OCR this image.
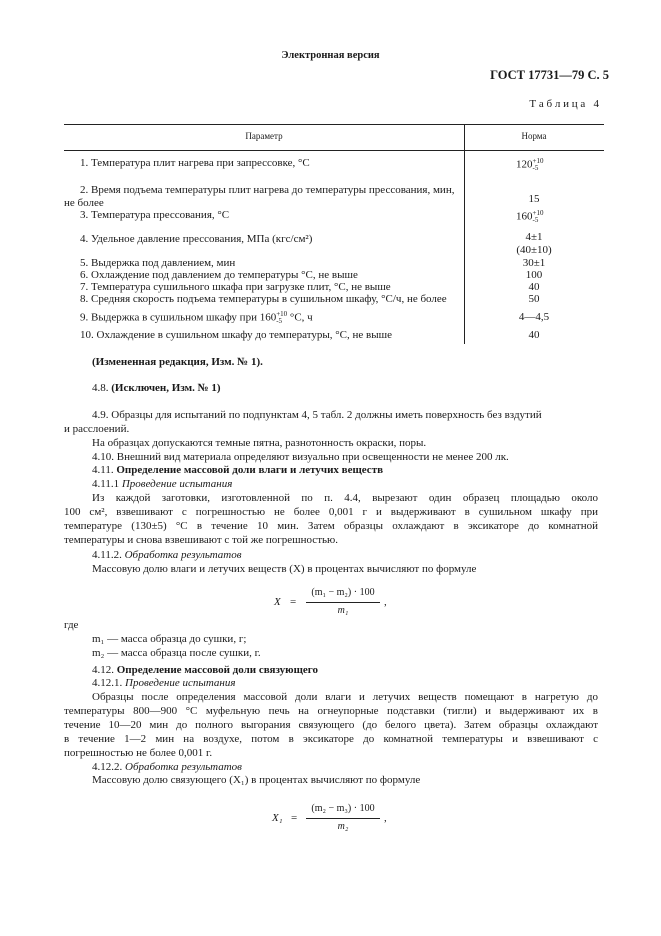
Электронная версия
ГОСТ 17731—79 С. 5
Т а б л и ц а   4
Параметр	Норма
1. Температура плит нагрева при запрессовке, °С	120 +10
-5
2. Время подъема температуры плит нагрева до температуры прессования, мин,
не более	15
3. Температура прессования, °С	160 +10
-5
4. Удельное давление прессования, МПа (кгс/см²)	4±1
(40±10)
5. Выдержка под давлением, мин	30±1
6. Охлаждение под давлением до температуры °С, не выше	100
7. Температура сушильного шкафа при загрузке плит, °С, не выше	40
8. Средняя скорость подъема температуры в сушильном шкафу, °С/ч, не более	50
9. Выдержка в сушильном шкафу при 160 +10
-5 °С, ч	4—4,5
10. Охлаждение в сушильном шкафу до температуры, °С, не выше	40
(Измененная редакция, Изм. № 1).
4.8. (Исключен, Изм. № 1)
4.9. Образцы для испытаний по подпунктам 4, 5 табл. 2 должны иметь поверхность без вздутий
и расслоений.
На образцах допускаются темные пятна, разнотонность окраски, поры.
4.10. Внешний вид материала определяют визуально при освещенности не менее 200 лк.
4.11. Определение массовой доли влаги и летучих веществ
4.11.1 Проведение испытания
Из каждой заготовки, изготовленной по п. 4.4, вырезают один образец площадью около
100 см², взвешивают с погрешностью не более 0,001 г и выдерживают в сушильном шкафу при
температуре (130±5) °С в течение 10 мин. Затем образцы охлаждают в эксикаторе до комнатной
температуры и снова взвешивают с той же погрешностью.
4.11.2. Обработка результатов
Массовую долю влаги и летучих веществ (X) в процентах вычисляют по формуле
X =
(m₁ − m₂) · 100
m₁
,
где
m₁ — масса образца до сушки, г;
m₂ — масса образца после сушки, г.
4.12. Определение массовой доли связующего
4.12.1. Проведение испытания
Образцы после определения массовой доли влаги и летучих веществ помещают в нагретую до
температуры 800—900 °С муфельную печь на огнеупорные подставки (тигли) и выдерживают их в
течение 10—20 мин до полного выгорания связующего (до белого цвета). Затем образцы охлаждают
в течение 1—2 мин на воздухе, потом в эксикаторе до комнатной температуры и взвешивают с
погрешностью не более 0,001 г.
4.12.2. Обработка результатов
Массовую долю связующего (X₁) в процентах вычисляют по формуле
X₁ =
(m₂ − m₃) · 100
m₂
,
